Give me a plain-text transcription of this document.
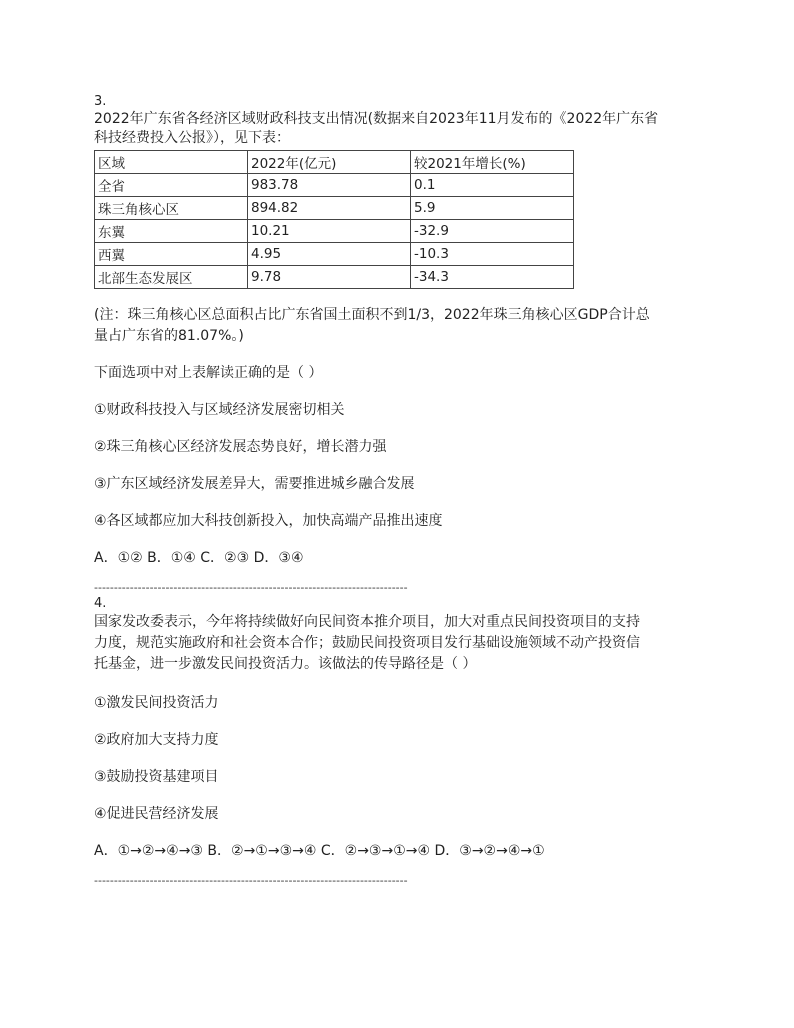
3.

2022年广东省各经济区域财政科技支出情况(数据来自2023年11月发布的《2022年广东省

科技经费投入公报》），见下表：

区域	2022年(亿元)	较2021年增长(%)
全省	983.78	0.1
珠三角核心区	894.82	5.9
东翼	10.21	-32.9
西翼	4.95	-10.3
北部生态发展区	9.78	-34.3

(注：珠三角核心区总面积占比广东省国土面积不到1/3，2022年珠三角核心区GDP合计总

量占广东省的81.07%。)

下面选项中对上表解读正确的是（ ）

①财政科技投入与区域经济发展密切相关

②珠三角核心区经济发展态势良好，增长潜力强

③广东区域经济发展差异大，需要推进城乡融合发展

④各区域都应加大科技创新投入，加快高端产品推出速度

A．①② B．①④ C．②③ D．③④

-------------------------------------------------------------------------------
4.

国家发改委表示，今年将持续做好向民间资本推介项目，加大对重点民间投资项目的支持

力度，规范实施政府和社会资本合作；鼓励民间投资项目发行基础设施领域不动产投资信

托基金，进一步激发民间投资活力。该做法的传导路径是（ ）

①激发民间投资活力

②政府加大支持力度

③鼓励投资基建项目

④促进民营经济发展

A．①→②→④→③ B．②→①→③→④ C．②→③→①→④ D．③→②→④→①

-------------------------------------------------------------------------------
